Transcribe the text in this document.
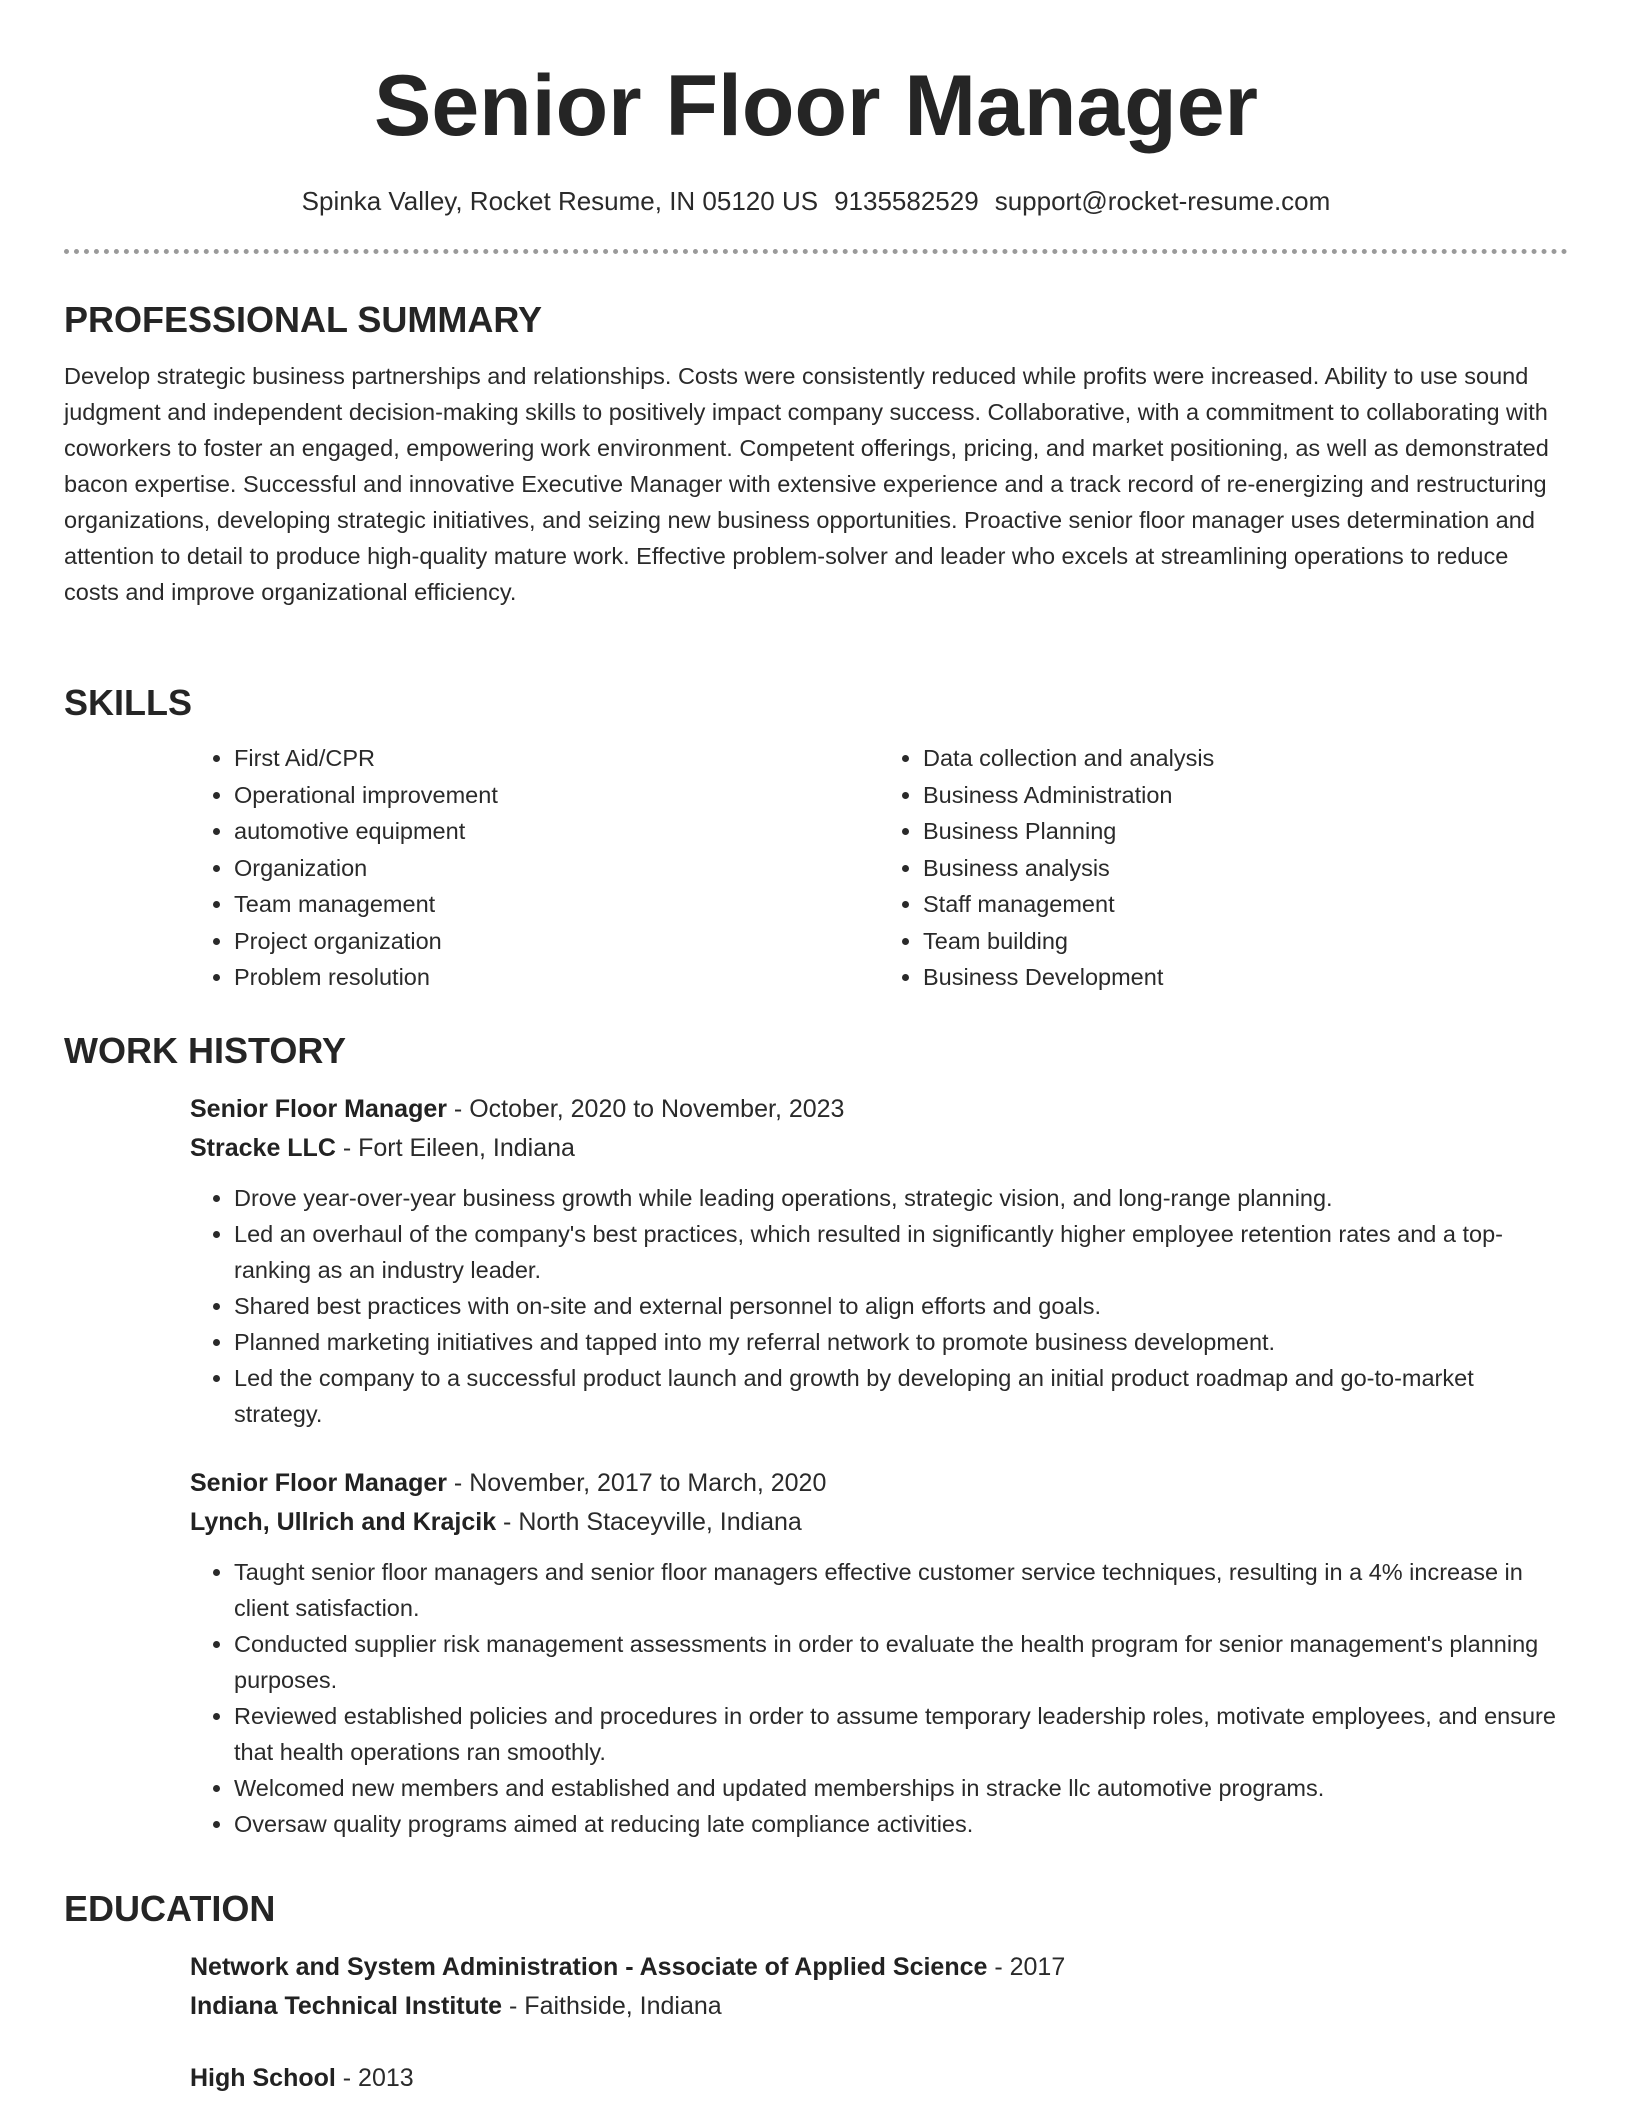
Senior Floor Manager
Spinka Valley, Rocket Resume, IN 05120 US 9135582529 support@rocket-resume.com
PROFESSIONAL SUMMARY

Develop strategic business partnerships and relationships. Costs were consistently reduced while profits were increased. Ability to use sound judgment and independent decision-making skills to positively impact company success. Collaborative, with a commitment to collaborating with coworkers to foster an engaged, empowering work environment. Competent offerings, pricing, and market positioning, as well as demonstrated bacon expertise. Successful and innovative Executive Manager with extensive experience and a track record of re-energizing and restructuring organizations, developing strategic initiatives, and seizing new business opportunities. Proactive senior floor manager uses determination and attention to detail to produce high-quality mature work. Effective problem-solver and leader who excels at streamlining operations to reduce costs and improve organizational efficiency.

SKILLS
• First Aid/CPR
• Operational improvement
• automotive equipment
• Organization
• Team management
• Project organization
• Problem resolution
• Data collection and analysis
• Business Administration
• Business Planning
• Business analysis
• Staff management
• Team building
• Business Development
WORK HISTORY
Senior Floor Manager - October, 2020 to November, 2023
Stracke LLC - Fort Eileen, Indiana
• Drove year-over-year business growth while leading operations, strategic vision, and long-range planning.
• Led an overhaul of the company's best practices, which resulted in significantly higher employee retention rates and a top-ranking as an industry leader.
• Shared best practices with on-site and external personnel to align efforts and goals.
• Planned marketing initiatives and tapped into my referral network to promote business development.
• Led the company to a successful product launch and growth by developing an initial product roadmap and go-to-market strategy.
Senior Floor Manager - November, 2017 to March, 2020
Lynch, Ullrich and Krajcik - North Staceyville, Indiana
• Taught senior floor managers and senior floor managers effective customer service techniques, resulting in a 4% increase in client satisfaction.
• Conducted supplier risk management assessments in order to evaluate the health program for senior management's planning purposes.
• Reviewed established policies and procedures in order to assume temporary leadership roles, motivate employees, and ensure that health operations ran smoothly.
• Welcomed new members and established and updated memberships in stracke llc automotive programs.
• Oversaw quality programs aimed at reducing late compliance activities.
EDUCATION
Network and System Administration - Associate of Applied Science - 2017
Indiana Technical Institute - Faithside, Indiana
High School - 2013
